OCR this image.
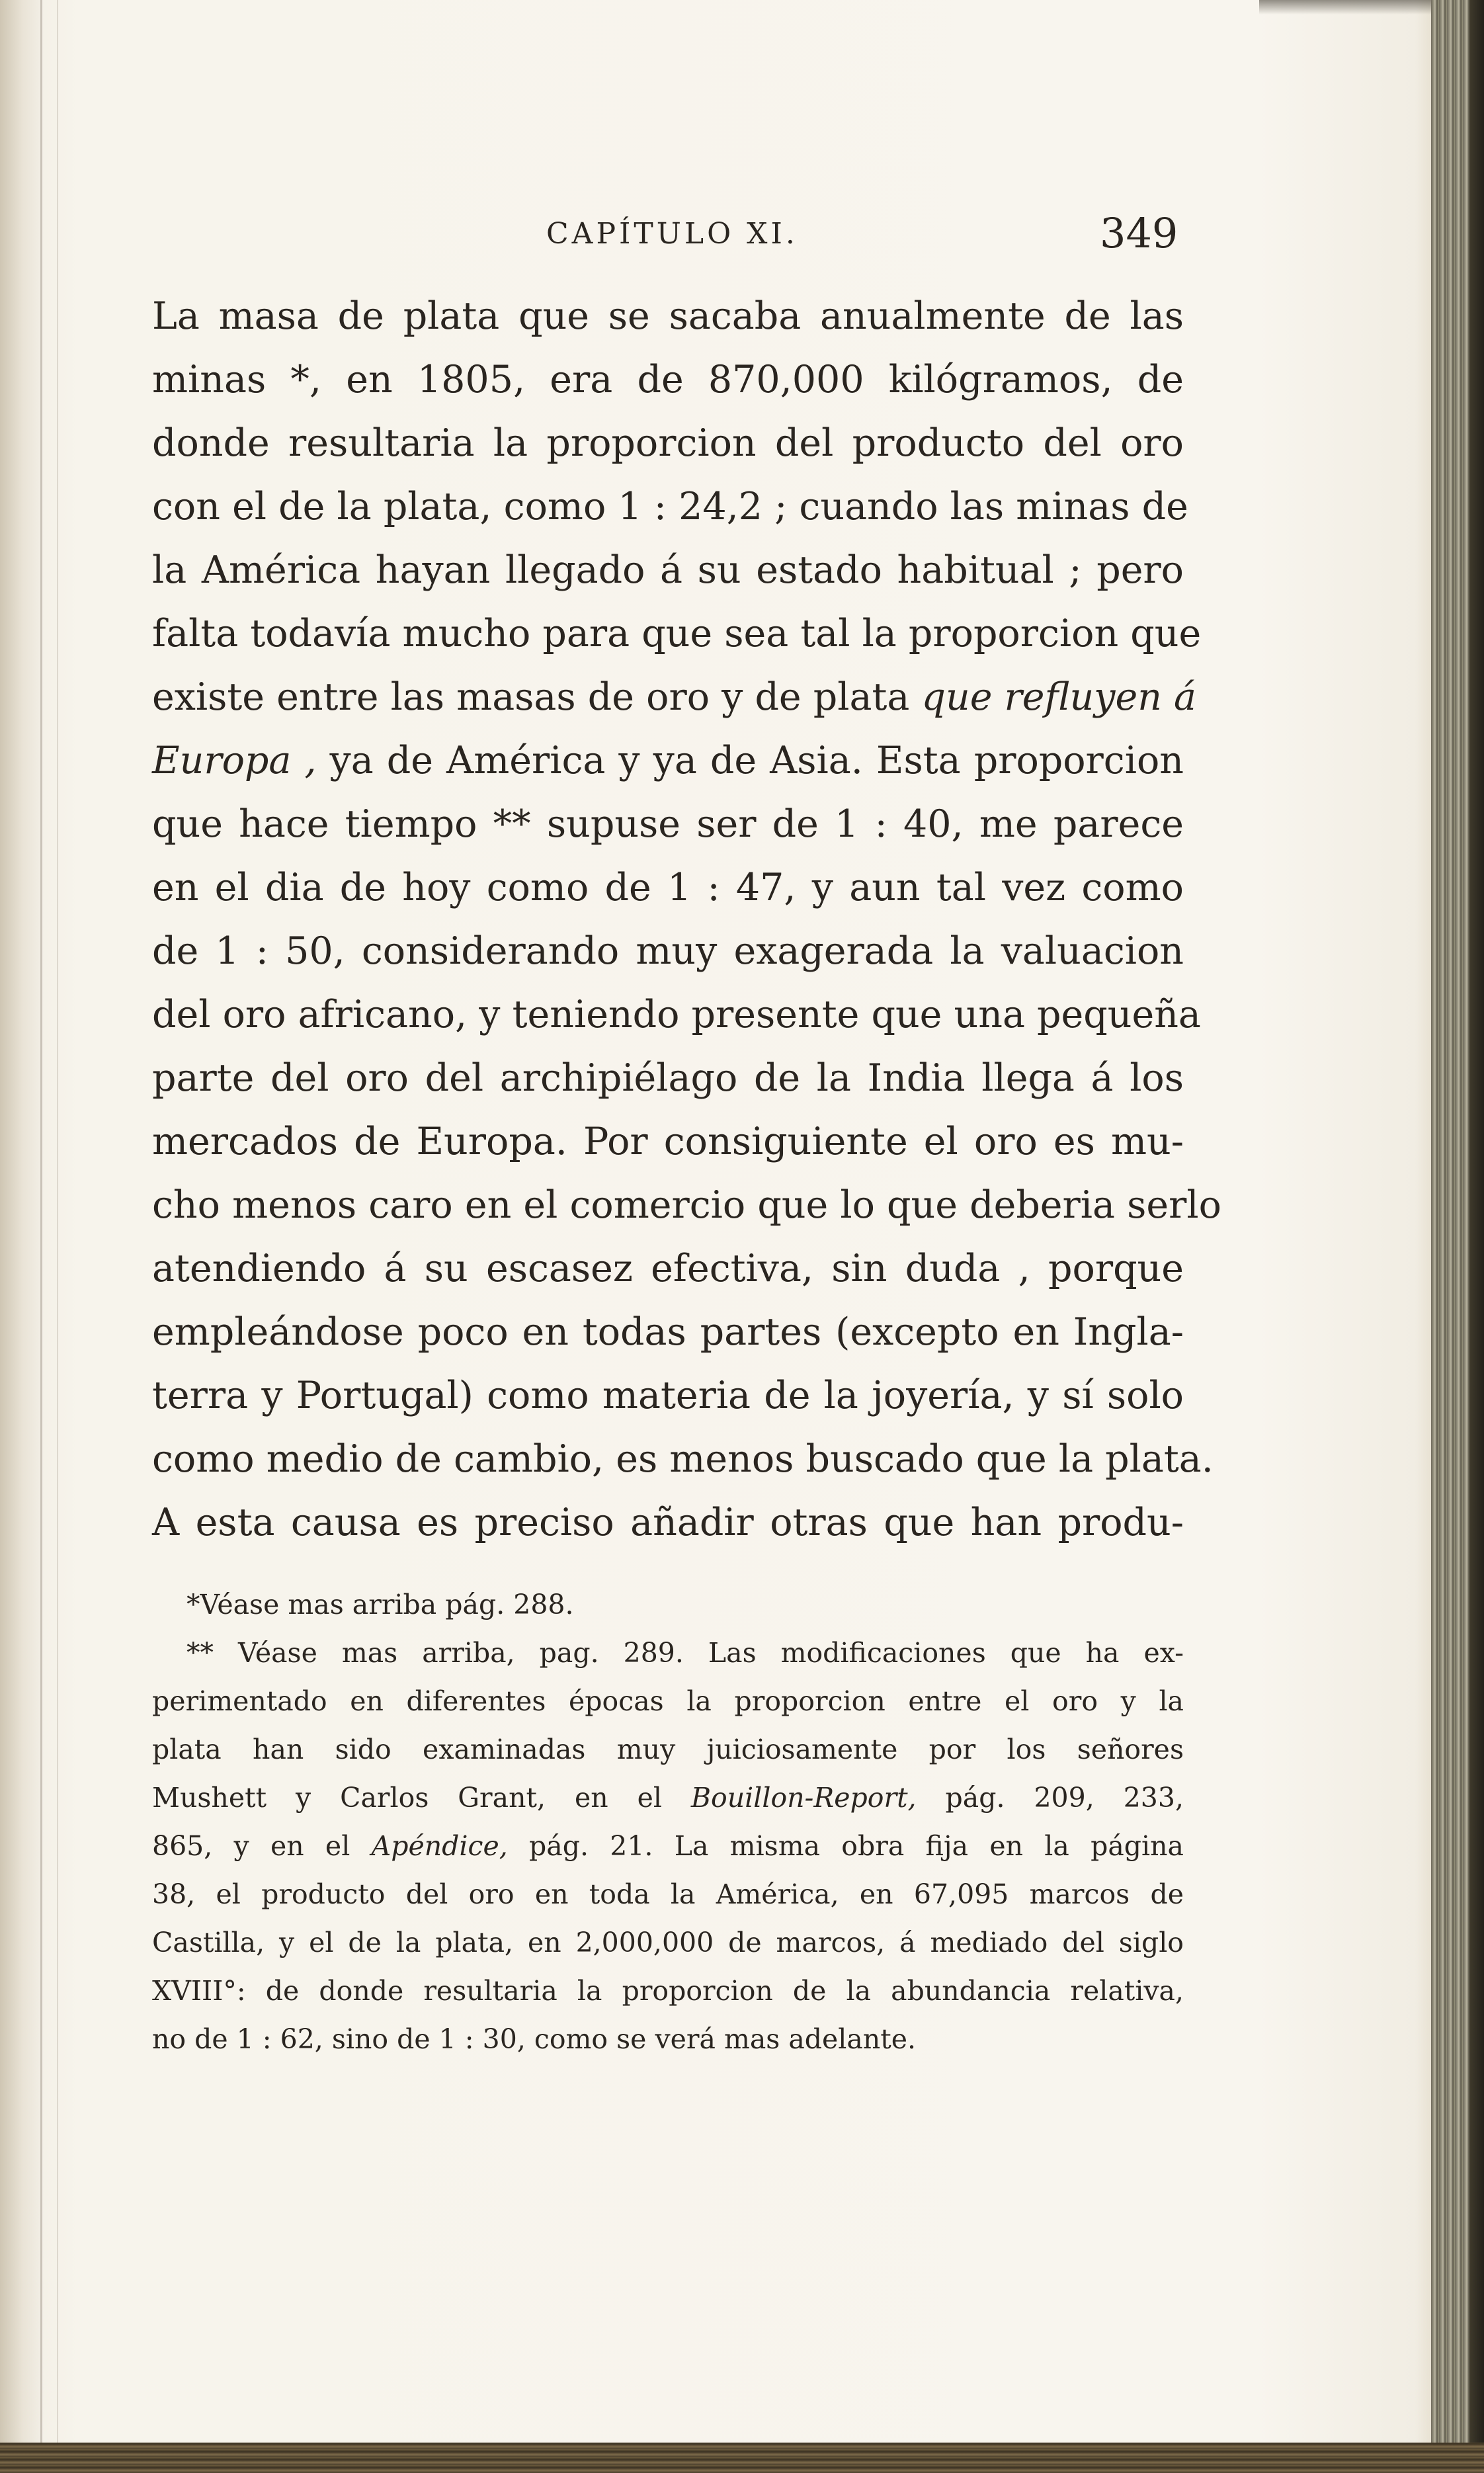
CAPÍTULO XI.	349
La masa de plata que se sacaba anualmente de las
minas *, en 1805, era de 870,000 kilógramos, de
donde resultaria la proporcion del producto del oro
con el de la plata, como 1 : 24,2 ; cuando las minas de
la América hayan llegado á su estado habitual ; pero
falta todavía mucho para que sea tal la proporcion que
existe entre las masas de oro y de plata que refluyen á
Europa , ya de América y ya de Asia. Esta proporcion
que hace tiempo ** supuse ser de 1 : 40, me parece
en el dia de hoy como de 1 : 47, y aun tal vez como
de 1 : 50, considerando muy exagerada la valuacion
del oro africano, y teniendo presente que una pequeña
parte del oro del archipiélago de la India llega á los
mercados de Europa. Por consiguiente el oro es mu-
cho menos caro en el comercio que lo que deberia serlo
atendiendo á su escasez efectiva, sin duda , porque
empleándose poco en todas partes (excepto en Ingla-
terra y Portugal) como materia de la joyería, y sí solo
como medio de cambio, es menos buscado que la plata.
A esta causa es preciso añadir otras que han produ-
*Véase mas arriba pág. 288.
** Véase mas arriba, pag. 289. Las modificaciones que ha ex-
perimentado en diferentes épocas la proporcion entre el oro y la
plata han sido examinadas muy juiciosamente por los señores
Mushett y Carlos Grant, en el Bouillon-Report, pág. 209, 233,
865, y en el Apéndice, pág. 21. La misma obra fija en la página
38, el producto del oro en toda la América, en 67,095 marcos de
Castilla, y el de la plata, en 2,000,000 de marcos, á mediado del siglo
XVIII°: de donde resultaria la proporcion de la abundancia relativa,
no de 1 : 62, sino de 1 : 30, como se verá mas adelante.
